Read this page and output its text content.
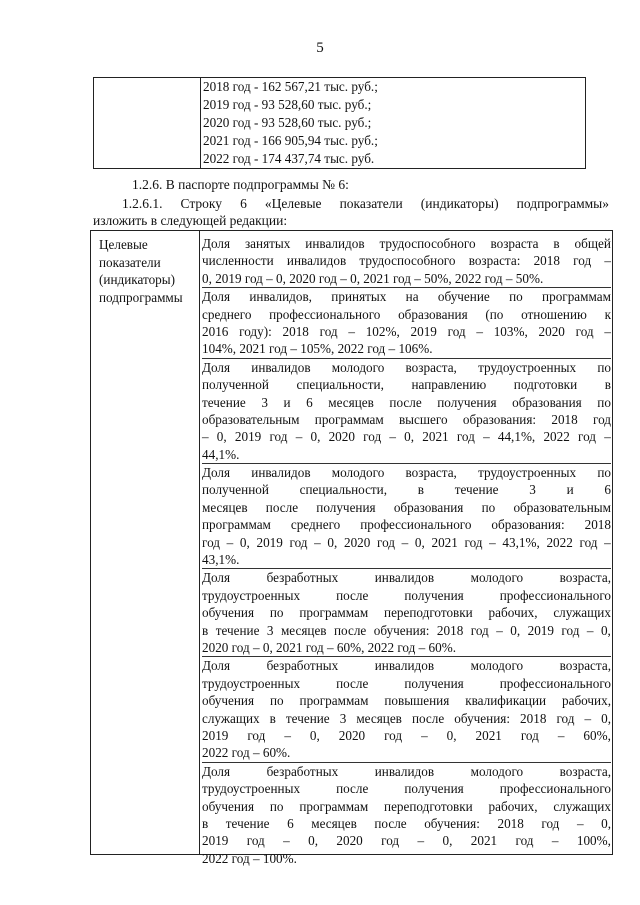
5

2018 год - 162 567,21 тыс. руб.;
2019 год - 93 528,60 тыс. руб.;
2020 год - 93 528,60 тыс. руб.;
2021 год - 166 905,94 тыс. руб.;
2022 год - 174 437,74 тыс. руб.
1.2.6. В паспорте подпрограммы № 6:
1.2.6.1. Строку 6 «Целевые показатели (индикаторы) подпрограммы»
изложить в следующей редакции:
Целевые
показатели
(индикаторы)
подпрограммы
Доля занятых инвалидов трудоспособного возраста в общей
численности инвалидов трудоспособного возраста: 2018 год –
0, 2019 год – 0, 2020 год – 0, 2021 год – 50%, 2022 год – 50%.
Доля инвалидов, принятых на обучение по программам
среднего профессионального образования (по отношению к
2016 году): 2018 год – 102%, 2019 год – 103%, 2020 год –
104%, 2021 год – 105%, 2022 год – 106%.
Доля инвалидов молодого возраста, трудоустроенных по
полученной специальности, направлению подготовки в
течение 3 и 6 месяцев после получения образования по
образовательным программам высшего образования: 2018 год
– 0, 2019 год – 0, 2020 год – 0, 2021 год – 44,1%, 2022 год –
44,1%.
Доля инвалидов молодого возраста, трудоустроенных по
полученной специальности, в течение 3 и 6
месяцев после получения образования по образовательным
программам среднего профессионального образования: 2018
год – 0, 2019 год – 0, 2020 год – 0, 2021 год – 43,1%, 2022 год –
43,1%.
Доля	безработных	инвалидов	молодого	возраста,
трудоустроенных	после	получения	профессионального
обучения по программам переподготовки рабочих, служащих
в течение 3 месяцев после обучения: 2018 год – 0, 2019 год – 0,
2020 год – 0, 2021 год – 60%, 2022 год – 60%.
Доля	безработных	инвалидов	молодого	возраста,
трудоустроенных	после	получения	профессионального
обучения по программам повышения квалификации рабочих,
служащих в течение 3 месяцев после обучения: 2018 год – 0,
2019 год – 0, 2020 год – 0, 2021 год – 60%,
2022 год – 60%.
Доля	безработных	инвалидов	молодого	возраста,
трудоустроенных	после	получения	профессионального
обучения по программам переподготовки рабочих, служащих
в течение 6 месяцев после обучения: 2018 год – 0,
2019 год – 0, 2020 год – 0, 2021 год – 100%,
2022 год – 100%.
